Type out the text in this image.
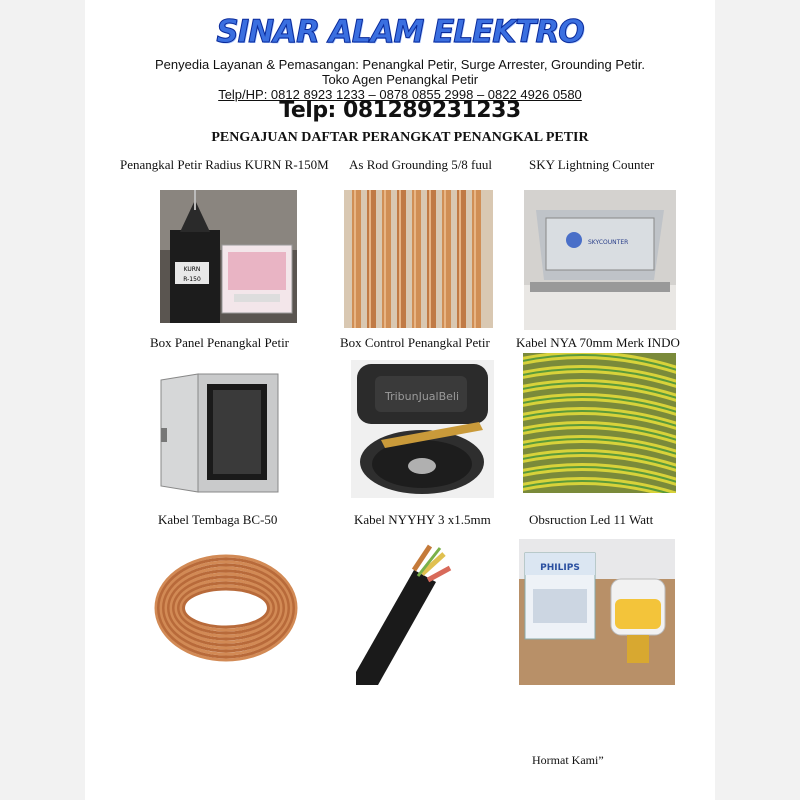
SINAR ALAM ELEKTRO
Penyedia Layanan & Pemasangan: Penangkal Petir, Surge Arrester, Grounding Petir.
Toko Agen Penangkal Petir
Telp/HP: 0812 8923 1233 – 0878 0855 2998 – 0822 4926 0580
Telp: 081289231233
PENGAJUAN DAFTAR PERANGKAT PENANGKAL PETIR
Penangkal Petir Radius KURN R-150M As Rod Grounding 5/8 fuul	SKY Lightning Counter
KURN
R-150
SKYCOUNTER
Box Panel Penangkal Petir	Box Control Penangkal Petir Kabel NYA 70mm Merk INDO
TribunJualBeli
Kabel Tembaga BC-50	Kabel NYYHY 3 x1.5mm	Obsruction Led 11 Watt
PHILIPS
Hormat Kami”
